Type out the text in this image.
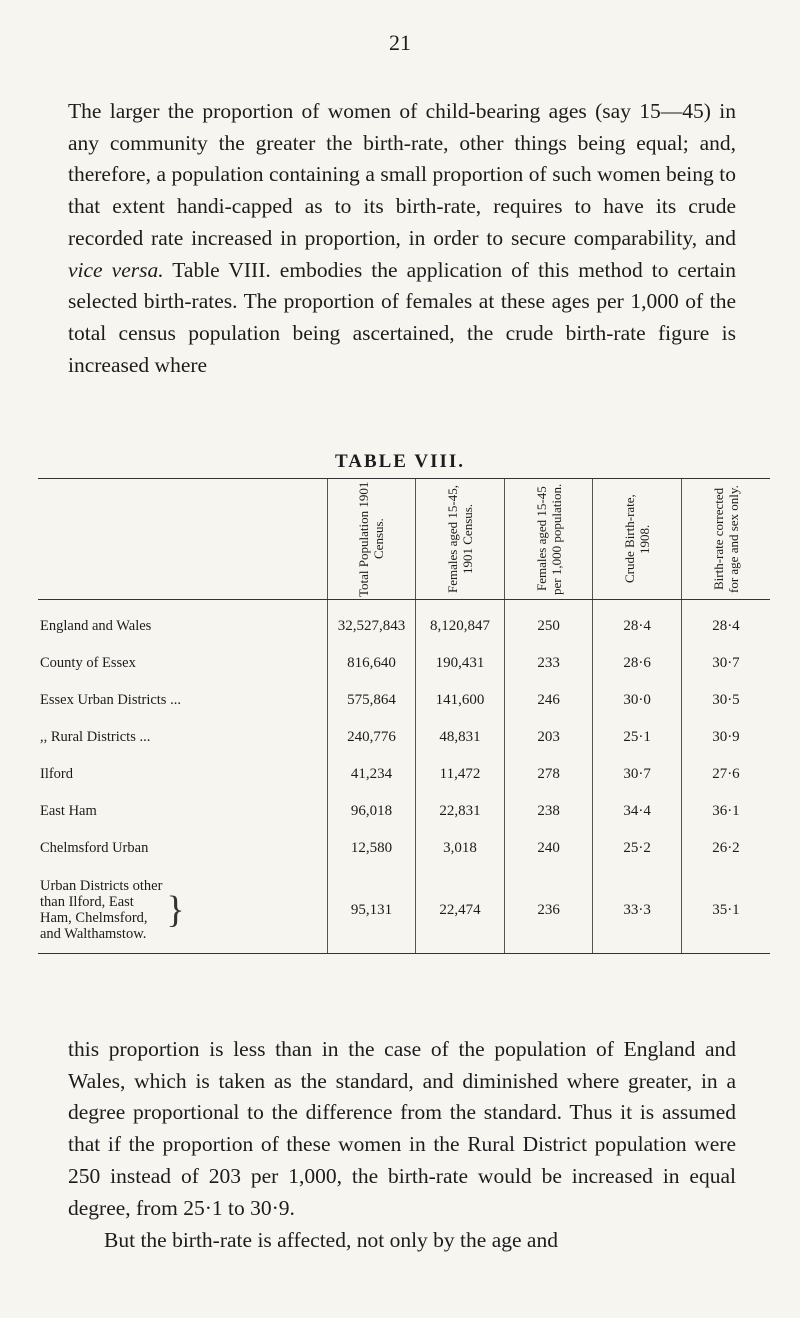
21

The larger the proportion of women of child-bearing ages (say 15—45) in any community the greater the birth-rate, other things being equal; and, therefore, a population containing a small proportion of such women being to that extent handi-capped as to its birth-rate, requires to have its crude recorded rate increased in proportion, in order to secure comparability, and vice versa. Table VIII. embodies the application of this method to certain selected birth-rates. The proportion of females at these ages per 1,000 of the total census population being ascertained, the crude birth-rate figure is increased where

TABLE VIII.

	Total Population 1901 Census.	Females aged 15-45, 1901 Census.	Females aged 15-45 per 1,000 population.	Crude Birth-rate, 1908.	Birth-rate corrected for age and sex only.

England and Wales	32,527,843	8,120,847	250	28·4	28·4
County of Essex	816,640	190,431	233	28·6	30·7
Essex Urban Districts ...	575,864	141,600	246	30·0	30·5
,, Rural Districts ...	240,776	48,831	203	25·1	30·9
Ilford	41,234	11,472	278	30·7	27·6
East Ham	96,018	22,831	238	34·4	36·1
Chelmsford Urban	12,580	3,018	240	25·2	26·2

Urban Districts other
than Ilford, East
Ham, Chelmsford,
and Walthamstow.
}	95,131	22,474	236	33·3	35·1

this proportion is less than in the case of the population of England and Wales, which is taken as the standard, and diminished where greater, in a degree proportional to the difference from the standard. Thus it is assumed that if the proportion of these women in the Rural District population were 250 instead of 203 per 1,000, the birth-rate would be increased in equal degree, from 25·1 to 30·9.

But the birth-rate is affected, not only by the age and
